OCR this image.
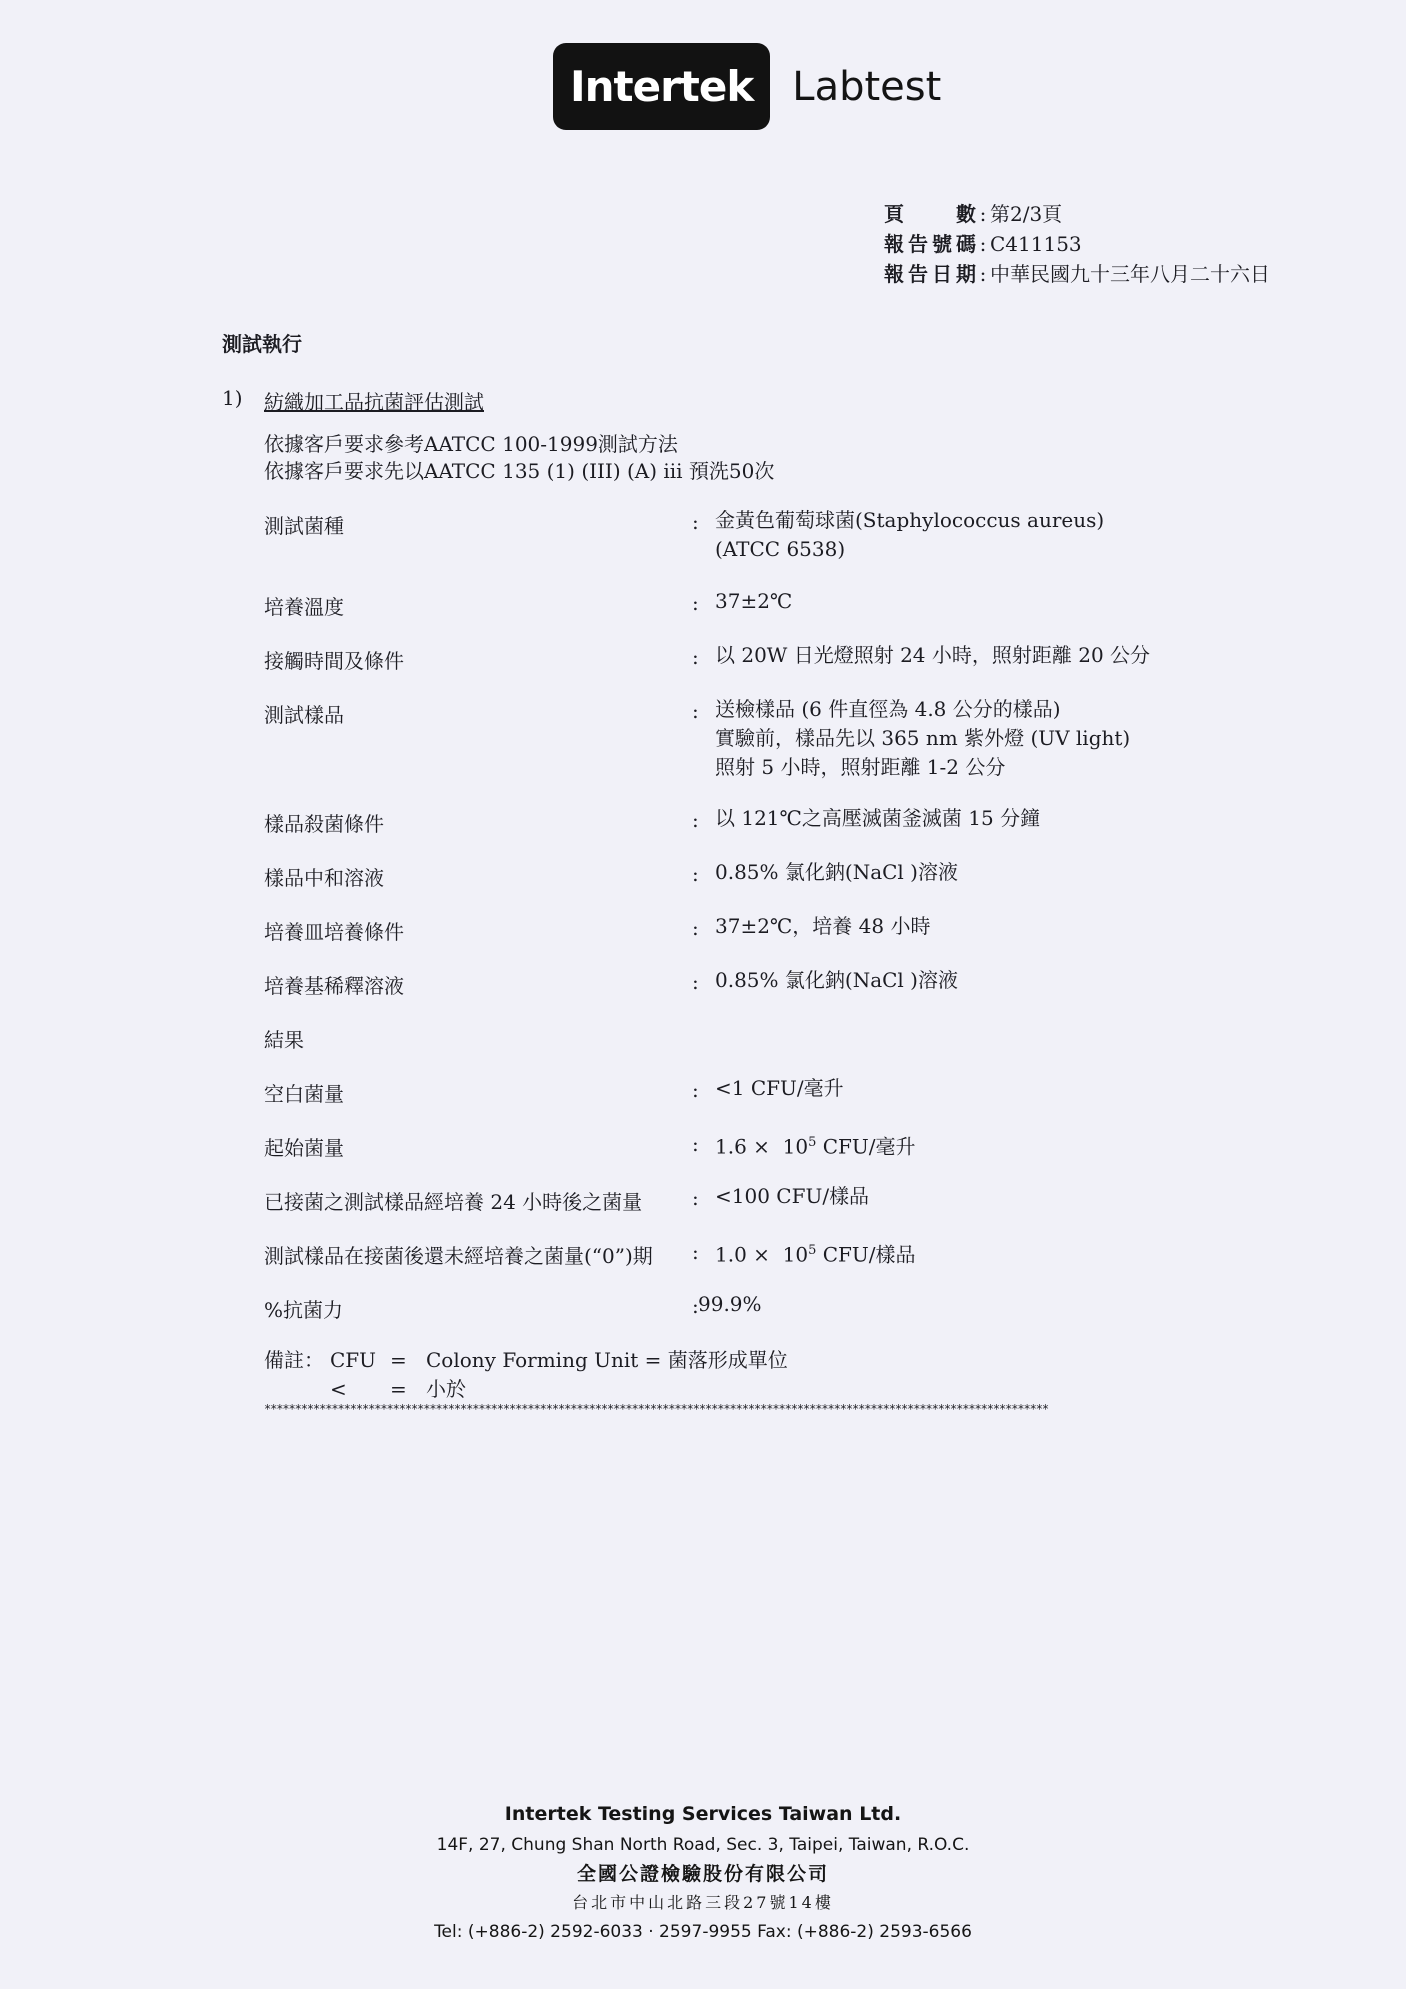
Intertek Labtest
頁數 : 第2/3頁
報告號碼 : C411153
報告日期 : 中華民國九十三年八月二十六日
測試執行
1) 紡織加工品抗菌評估測試
依據客戶要求參考AATCC 100-1999測試方法
依據客戶要求先以AATCC 135 (1) (III) (A) iii 預洗50次
測試菌種	: 金黃色葡萄球菌(Staphylococcus aureus)
(ATCC 6538)
培養溫度	: 37±2℃
接觸時間及條件	: 以 20W 日光燈照射 24 小時，照射距離 20 公分
測試樣品	: 送檢樣品 (6 件直徑為 4.8 公分的樣品)
實驗前，樣品先以 365 nm 紫外燈 (UV light)
照射 5 小時，照射距離 1-2 公分
樣品殺菌條件	: 以 121℃之高壓滅菌釜滅菌 15 分鐘
樣品中和溶液	: 0.85% 氯化鈉(NaCl )溶液
培養皿培養條件	: 37±2℃，培養 48 小時
培養基稀釋溶液	: 0.85% 氯化鈉(NaCl )溶液
結果
空白菌量	: <1 CFU/毫升
起始菌量	: $1.6 \times 10^5$ CFU/毫升
已接菌之測試樣品經培養 24 小時後之菌量 : <100 CFU/樣品
測試樣品在接菌後還未經培養之菌量(“0”)期 : $1.0 \times 10^5$ CFU/樣品
%抗菌力	: 99.9%
備註： CFU = Colony Forming Unit = 菌落形成單位
<	= 小於
********************************************************************************************************************************
Intertek Testing Services Taiwan Ltd.
14F, 27, Chung Shan North Road, Sec. 3, Taipei, Taiwan, R.O.C.
全國公證檢驗股份有限公司
台北市中山北路三段27號14樓
Tel: (+886-2) 2592-6033 · 2597-9955 Fax: (+886-2) 2593-6566
